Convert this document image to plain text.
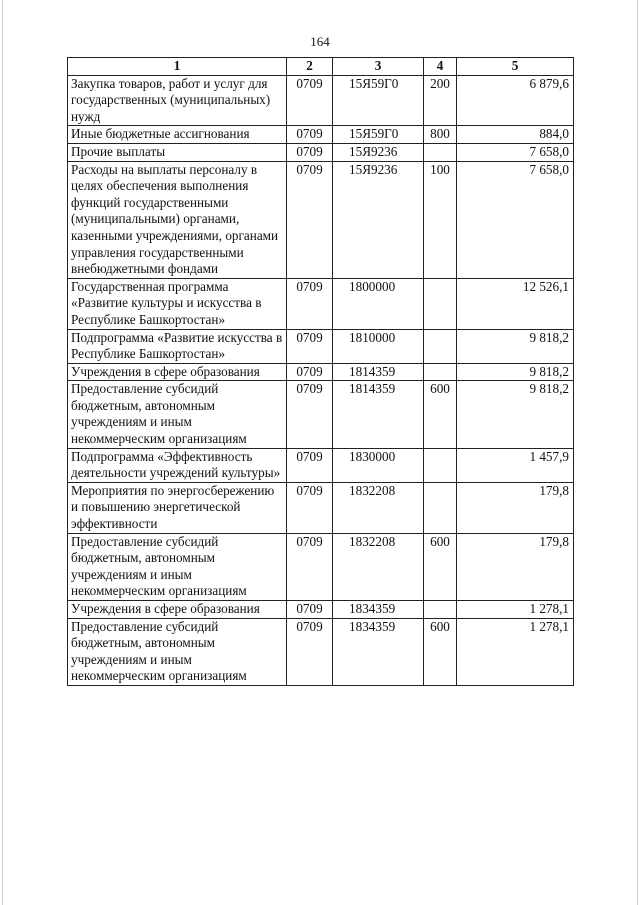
164
1	2	3	4	5
Закупка товаров, работ и услуг для государственных (муниципальных) нужд	0709	15Я59Г0	200	6 879,6
Иные бюджетные ассигнования	0709	15Я59Г0	800	884,0
Прочие выплаты	0709	15Я9236		7 658,0
Расходы на выплаты персоналу в целях обеспечения выполнения функций государственными (муниципальными) органами, казенными учреждениями, органами управления государственными внебюджетными фондами	0709	15Я9236	100	7 658,0
Государственная программа «Развитие культуры и искусства в Республике Башкортостан»	0709	1800000		12 526,1
Подпрограмма «Развитие искусства в Республике Башкортостан»	0709	1810000		9 818,2
Учреждения в сфере образования	0709	1814359		9 818,2
Предоставление субсидий бюджетным, автономным учреждениям и иным некоммерческим организациям	0709	1814359	600	9 818,2
Подпрограмма «Эффективность деятельности учреждений культуры»	0709	1830000		1 457,9
Мероприятия по энергосбережению и повышению энергетической эффективности	0709	1832208		179,8
Предоставление субсидий бюджетным, автономным учреждениям и иным некоммерческим организациям	0709	1832208	600	179,8
Учреждения в сфере образования	0709	1834359		1 278,1
Предоставление субсидий бюджетным, автономным учреждениям и иным некоммерческим организациям	0709	1834359	600	1 278,1
